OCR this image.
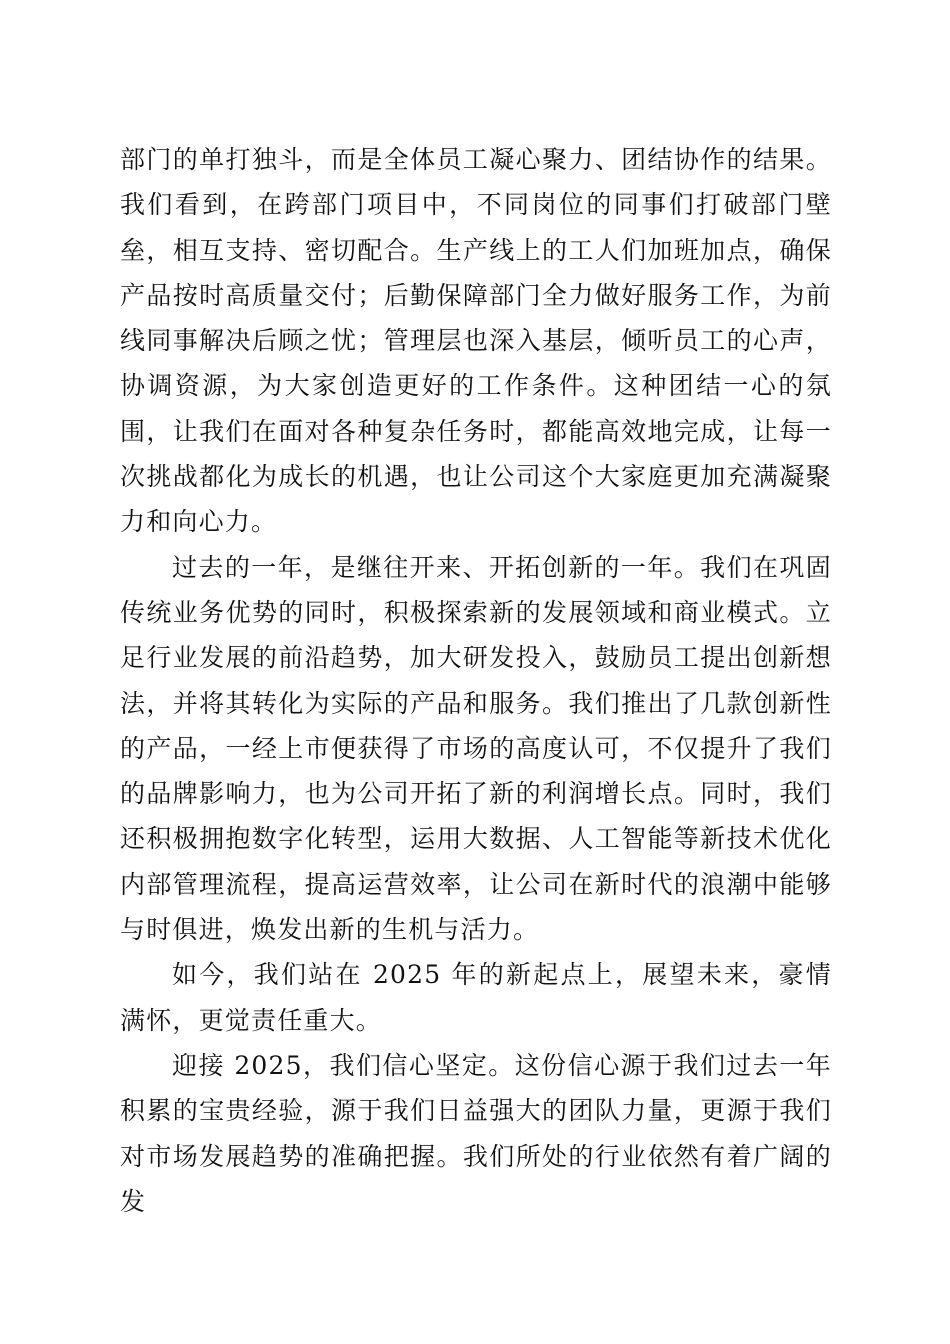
部门的单打独斗，而是全体员工凝心聚力、团结协作的结果。我们看到，在跨部门项目中，不同岗位的同事们打破部门壁垒，相互支持、密切配合。生产线上的工人们加班加点，确保产品按时高质量交付；后勤保障部门全力做好服务工作，为前线同事解决后顾之忧；管理层也深入基层，倾听员工的心声，协调资源，为大家创造更好的工作条件。这种团结一心的氛围，让我们在面对各种复杂任务时，都能高效地完成，让每一次挑战都化为成长的机遇，也让公司这个大家庭更加充满凝聚力和向心力。

过去的一年，是继往开来、开拓创新的一年。我们在巩固传统业务优势的同时，积极探索新的发展领域和商业模式。立足行业发展的前沿趋势，加大研发投入，鼓励员工提出创新想法，并将其转化为实际的产品和服务。我们推出了几款创新性的产品，一经上市便获得了市场的高度认可，不仅提升了我们的品牌影响力，也为公司开拓了新的利润增长点。同时，我们还积极拥抱数字化转型，运用大数据、人工智能等新技术优化内部管理流程，提高运营效率，让公司在新时代的浪潮中能够与时俱进，焕发出新的生机与活力。

如今，我们站在 2025 年的新起点上，展望未来，豪情满怀，更觉责任重大。

迎接 2025，我们信心坚定。这份信心源于我们过去一年积累的宝贵经验，源于我们日益强大的团队力量，更源于我们对市场发展趋势的准确把握。我们所处的行业依然有着广阔的发
